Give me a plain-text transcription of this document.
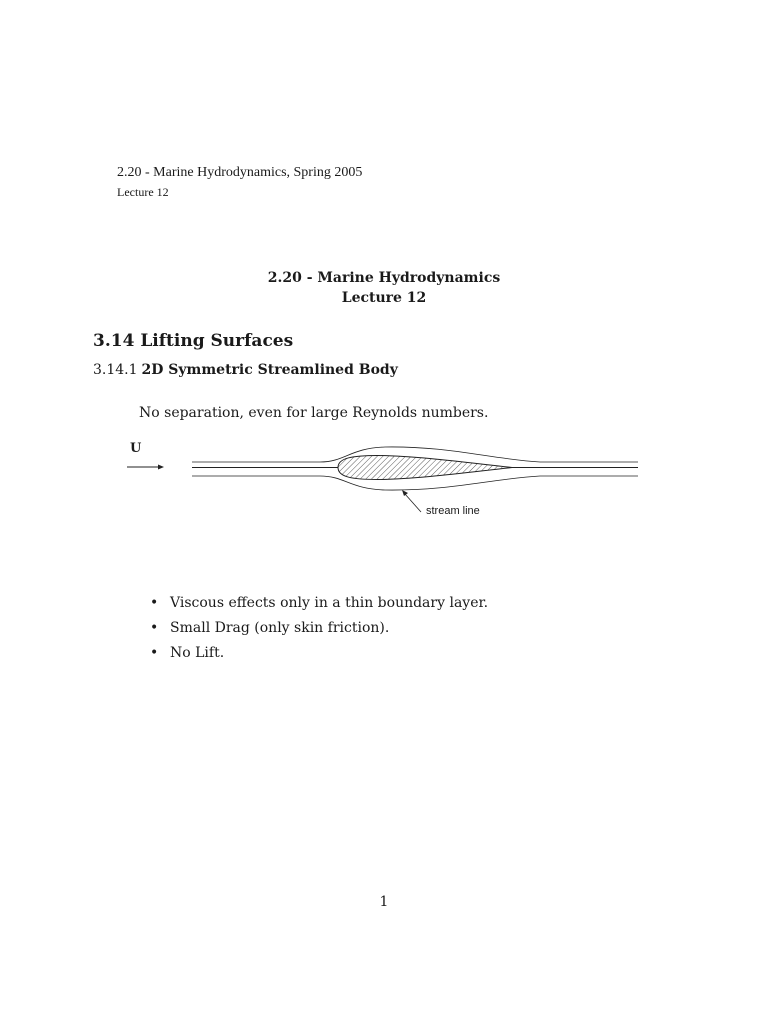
2.20 - Marine Hydrodynamics, Spring 2005
Lecture 12
2.20 - Marine Hydrodynamics
Lecture 12
3.14 Lifting Surfaces
3.14.1 2D Symmetric Streamlined Body
No separation, even for large Reynolds numbers.
U
stream line
• Viscous effects only in a thin boundary layer.
• Small Drag (only skin friction).
• No Lift.
1
